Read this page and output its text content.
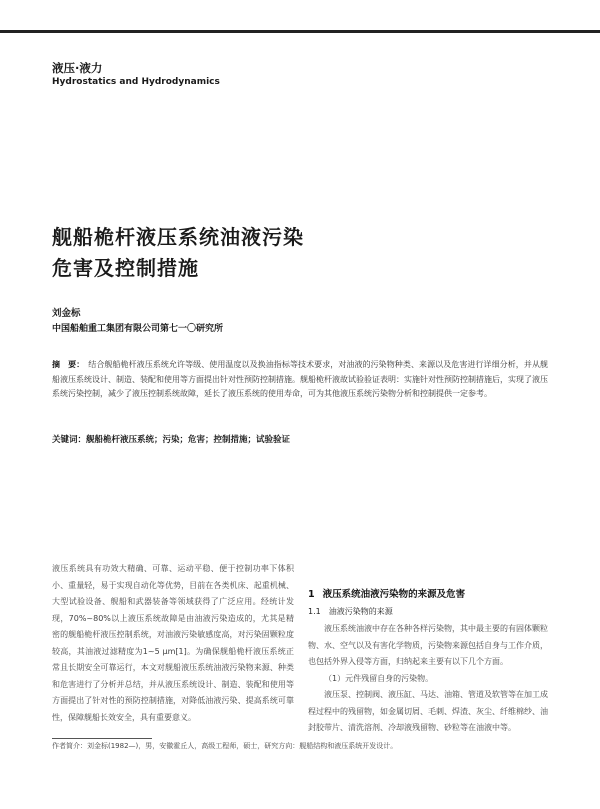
液压·液力
Hydrostatics and Hydrodynamics
舰船桅杆液压系统油液污染
危害及控制措施
刘金标
中国船舶重工集团有限公司第七一〇研究所
摘　要： 结合舰船桅杆液压系统允许等级、使用温度以及换油指标等技术要求，对油液的污染物种类、来源以及危害进行详细分析，并从舰船液压系统设计、制造、装配和使用等方面提出针对性预防控制措施。舰船桅杆液故试验验证表明：实施针对性预防控制措施后，实现了液压系统污染控制，减少了液压控制系统故障，延长了液压系统的使用寿命，可为其他液压系统污染物分析和控制提供一定参考。
关键词：舰船桅杆液压系统；污染；危害；控制措施；试验验证
液压系统具有功效大精确、可靠、运动平稳、便于控制功率下体积小、重量轻，易于实现自动化等优势，目前在各类机床、起重机械、大型试验设备、舰船和武器装备等领域获得了广泛应用。经统计发现，70%~80%以上液压系统故障是由油液污染造成的，尤其是精密的舰船桅杆液压控制系统，对油液污染敏感度高，对污染固颗粒度较高，其油液过滤精度为1~5 μm[1]。为确保舰船桅杆液压系统正常且长期安全可靠运行，本文对舰船液压系统油液污染物来源、种类和危害进行了分析并总结，并从液压系统设计、制造、装配和使用等方面提出了针对性的预防控制措施，对降低油液污染、提高系统可靠性，保障舰船长效安全，具有重要意义。
1 液压系统油液污染物的来源及危害
1.1 油液污染物的来源

液压系统油液中存在各种各样污染物，其中最主要的有固体颗粒物、水、空气以及有害化学物质，污染物来源包括自身与工作介质，也包括外界入侵等方面，归纳起来主要有以下几个方面。

（1）元件残留自身的污染物。

液压泵、控制阀、液压缸、马达、油箱、管道及软管等在加工成程过程中的残留物，如金属切屑、毛刺、焊渣、灰尘、纤维棉纱、油封胶带片、清洗溶剂、冷却液残留物、砂粒等在油液中等。

作者简介：刘金标(1982—)，男，安徽霍丘人，高级工程师，硕士，研究方向：舰船结构和液压系统开发设计。
